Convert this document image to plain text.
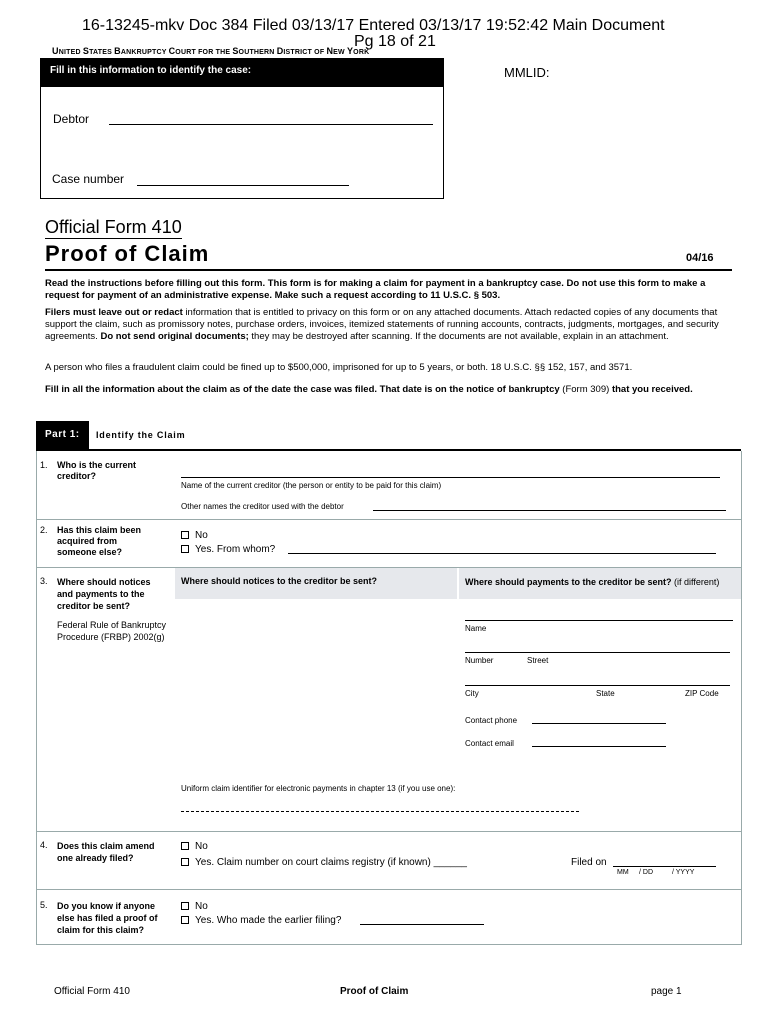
16-13245-mkv Doc 384 Filed 03/13/17 Entered 03/13/17 19:52:42 Main Document
Pg 18 of 21
UNITED STATES BANKRUPTCY COURT FOR THE SOUTHERN DISTRICT OF NEW YORK
Fill in this information to identify the case:
Debtor
Case number
MMLID:
Official Form 410
Proof of Claim	04/16

Read the instructions before filling out this form. This form is for making a claim for payment in a bankruptcy case. Do not use this form to make a request for payment of an administrative expense. Make such a request according to 11 U.S.C. § 503.

Filers must leave out or redact information that is entitled to privacy on this form or on any attached documents. Attach redacted copies of any documents that support the claim, such as promissory notes, purchase orders, invoices, itemized statements of running accounts, contracts, judgments, mortgages, and security agreements. Do not send original documents; they may be destroyed after scanning. If the documents are not available, explain in an attachment.

A person who files a fraudulent claim could be fined up to $500,000, imprisoned for up to 5 years, or both. 18 U.S.C. §§ 152, 157, and 3571.

Fill in all the information about the claim as of the date the case was filed. That date is on the notice of bankruptcy (Form 309) that you received.

Part 1:	Identify the Claim
1. Who is the current creditor?
Name of the current creditor (the person or entity to be paid for this claim)
Other names the creditor used with the debtor
2. Has this claim been acquired from someone else?
No
Yes. From whom?
3. Where should notices and payments to the creditor be sent?
Federal Rule of Bankruptcy Procedure (FRBP) 2002(g)
Where should notices to the creditor be sent?	Where should payments to the creditor be sent? (if different)
Name
Number	Street
City	State	ZIP Code
Contact phone
Contact email
Uniform claim identifier for electronic payments in chapter 13 (if you use one):
4. Does this claim amend one already filed?
No
Yes. Claim number on court claims registry (if known) ______	Filed on
MM / DD	/ YYYY
5. Do you know if anyone else has filed a proof of claim for this claim?
No
Yes. Who made the earlier filing?
Official Form 410	Proof of Claim	page 1
